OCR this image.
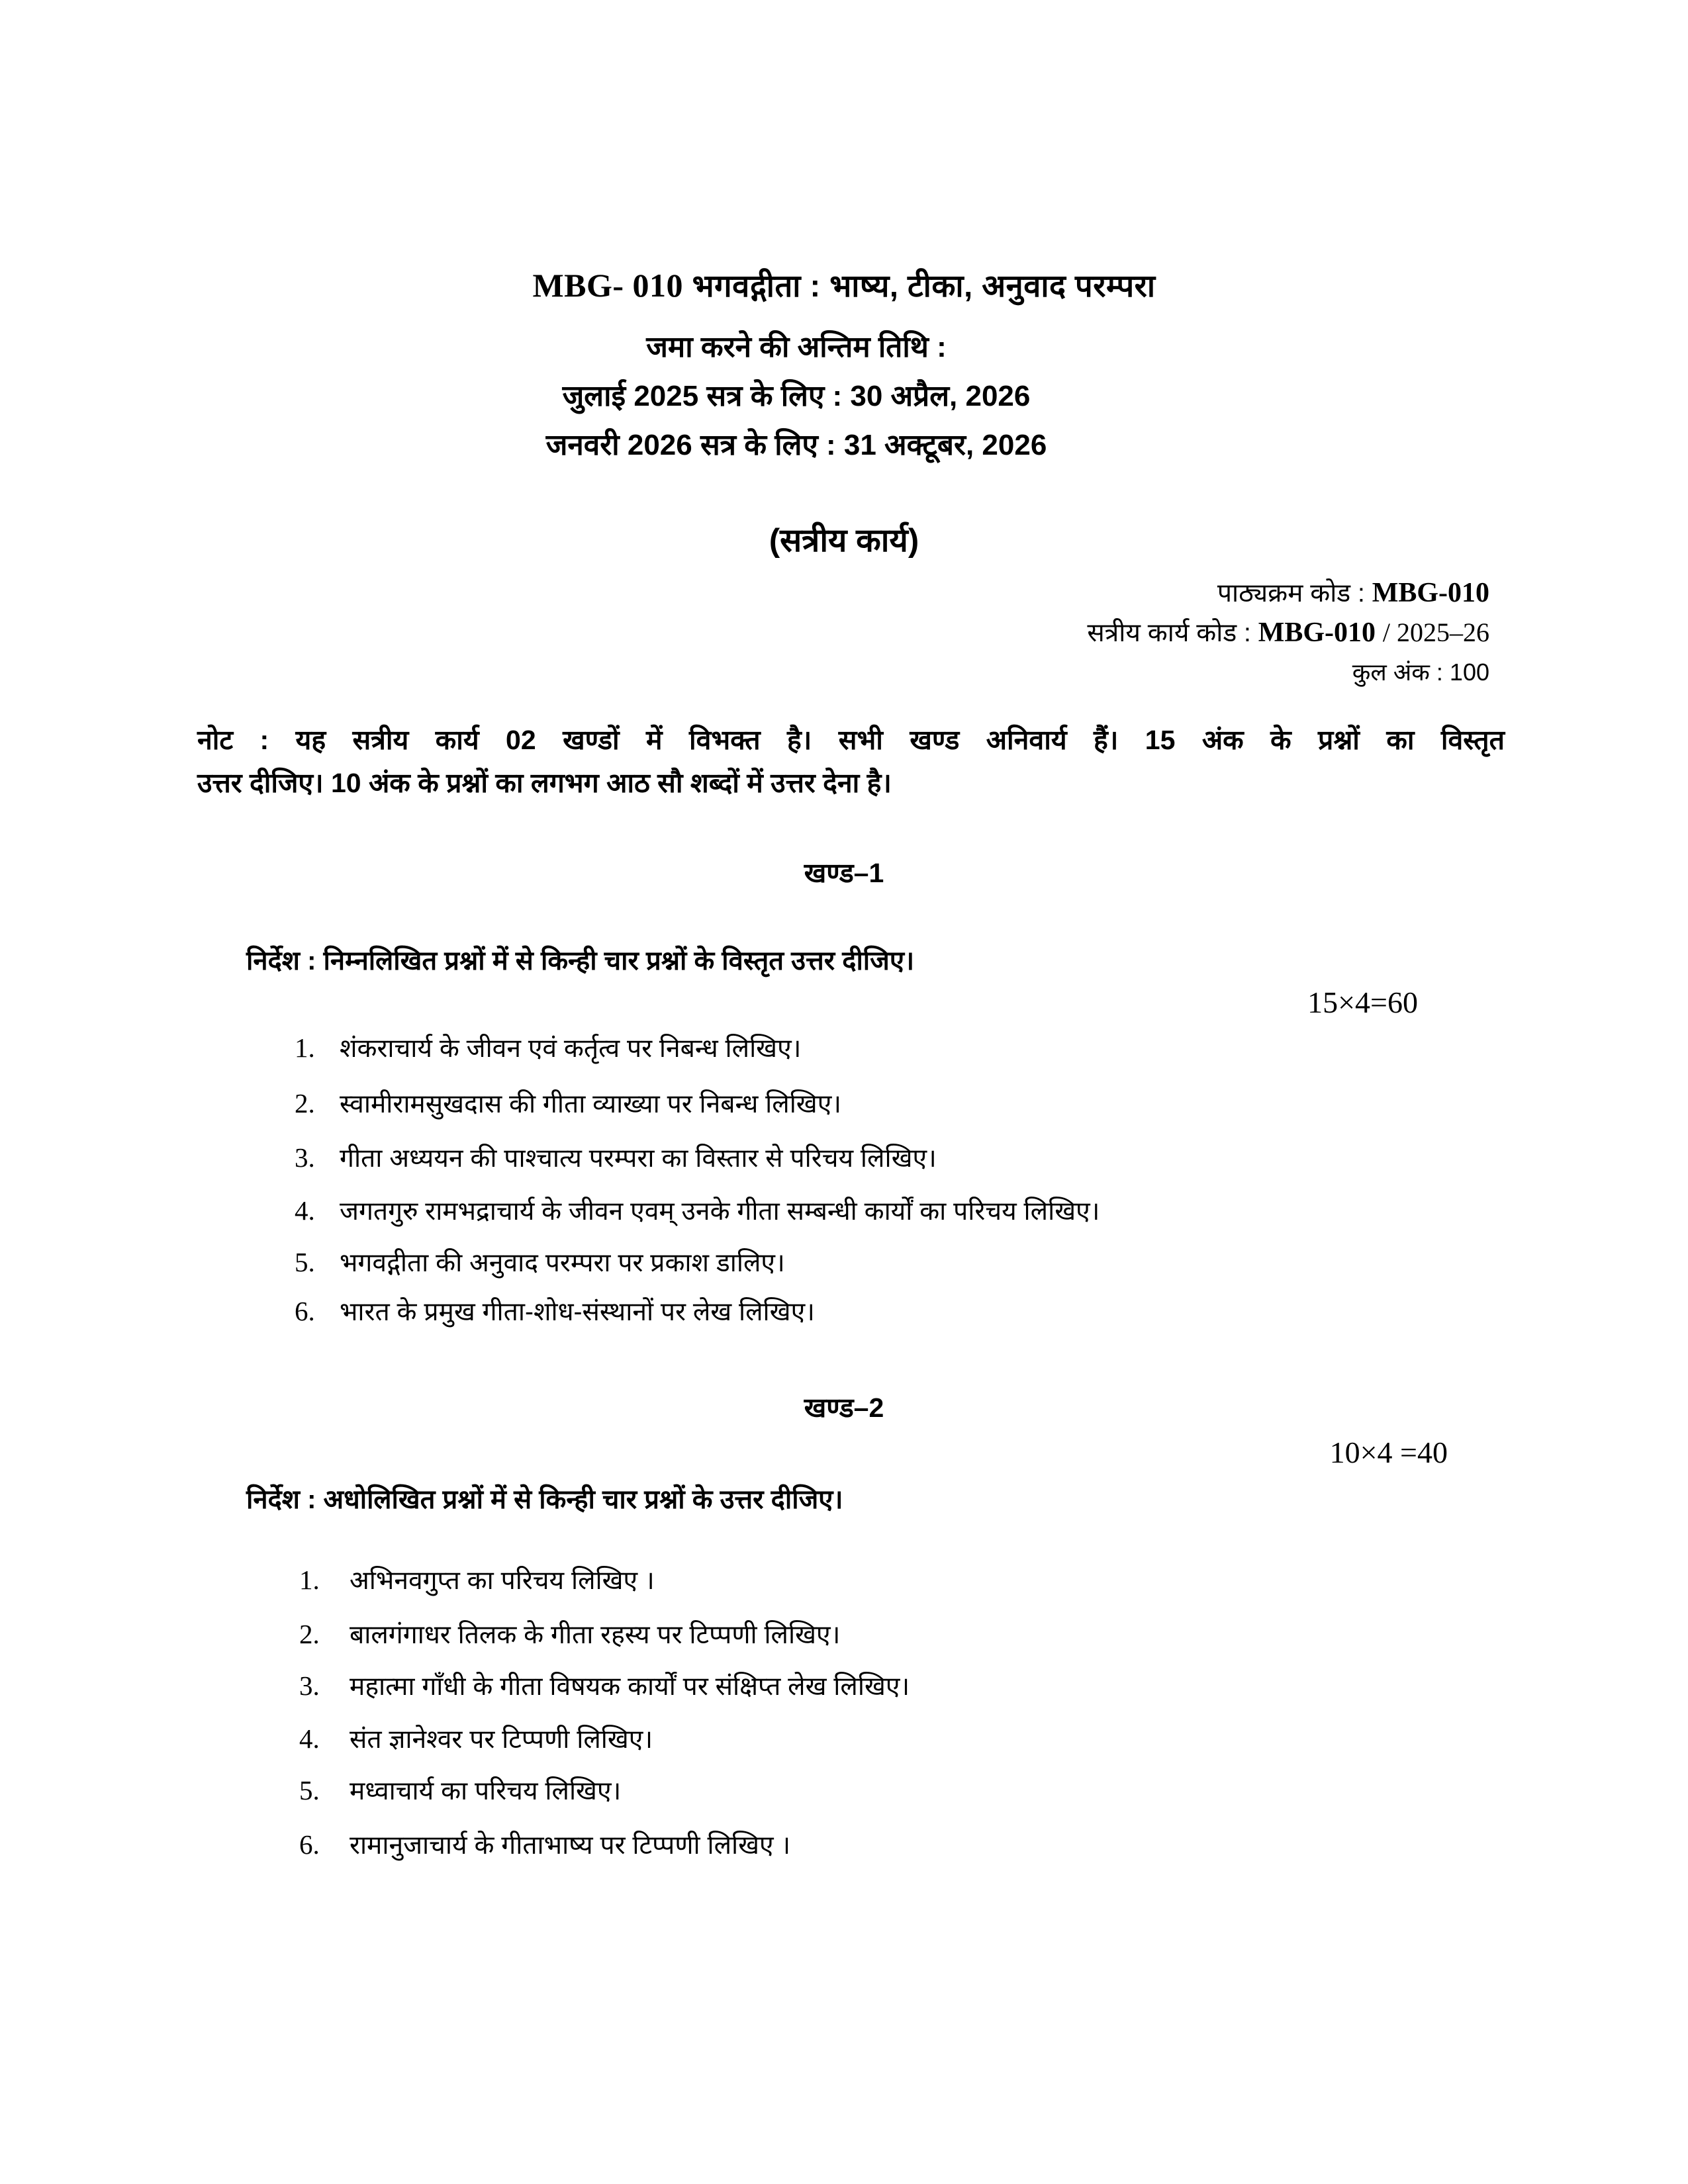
MBG- 010 भगवद्गीता : भाष्य, टीका, अनुवाद परम्परा
जमा करने की अन्तिम तिथि :
जुलाई 2025 सत्र के लिए : 30 अप्रैल, 2026
जनवरी 2026 सत्र के लिए : 31 अक्टूबर, 2026
(सत्रीय कार्य)
पाठ्यक्रम कोड : MBG-010
सत्रीय कार्य कोड : MBG-010 / 2025–26
कुल अंक : 100
नोट : यह सत्रीय कार्य 02 खण्डों में विभक्त है। सभी खण्ड अनिवार्य हैं। 15 अंक के प्रश्नों का विस्तृत
उत्तर दीजिए। 10 अंक के प्रश्नों का लगभग आठ सौ शब्दों में उत्तर देना है।
खण्ड–1
निर्देश : निम्नलिखित प्रश्नों में से किन्ही चार प्रश्नों के विस्तृत उत्तर दीजिए।
15×4=60
1. शंकराचार्य के जीवन एवं कर्तृत्व पर निबन्ध लिखिए।
2. स्वामीरामसुखदास की गीता व्याख्या पर निबन्ध लिखिए।
3. गीता अध्ययन की पाश्चात्य परम्परा का विस्तार से परिचय लिखिए।
4. जगतगुरु रामभद्राचार्य के जीवन एवम् उनके गीता सम्बन्धी कार्यों का परिचय लिखिए।
5. भगवद्गीता की अनुवाद परम्परा पर प्रकाश डालिए।
6. भारत के प्रमुख गीता-शोध-संस्थानों पर लेख लिखिए।
खण्ड–2
10×4 =40
निर्देश : अधोलिखित प्रश्नों में से किन्ही चार प्रश्नों के उत्तर दीजिए।
1. अभिनवगुप्त का परिचय लिखिए ।
2. बालगंगाधर तिलक के गीता रहस्य पर टिप्पणी लिखिए।
3. महात्मा गाँधी के गीता विषयक कार्यों पर संक्षिप्त लेख लिखिए।
4. संत ज्ञानेश्वर पर टिप्पणी लिखिए।
5. मध्वाचार्य का परिचय लिखिए।
6. रामानुजाचार्य के गीताभाष्य पर टिप्पणी लिखिए ।
